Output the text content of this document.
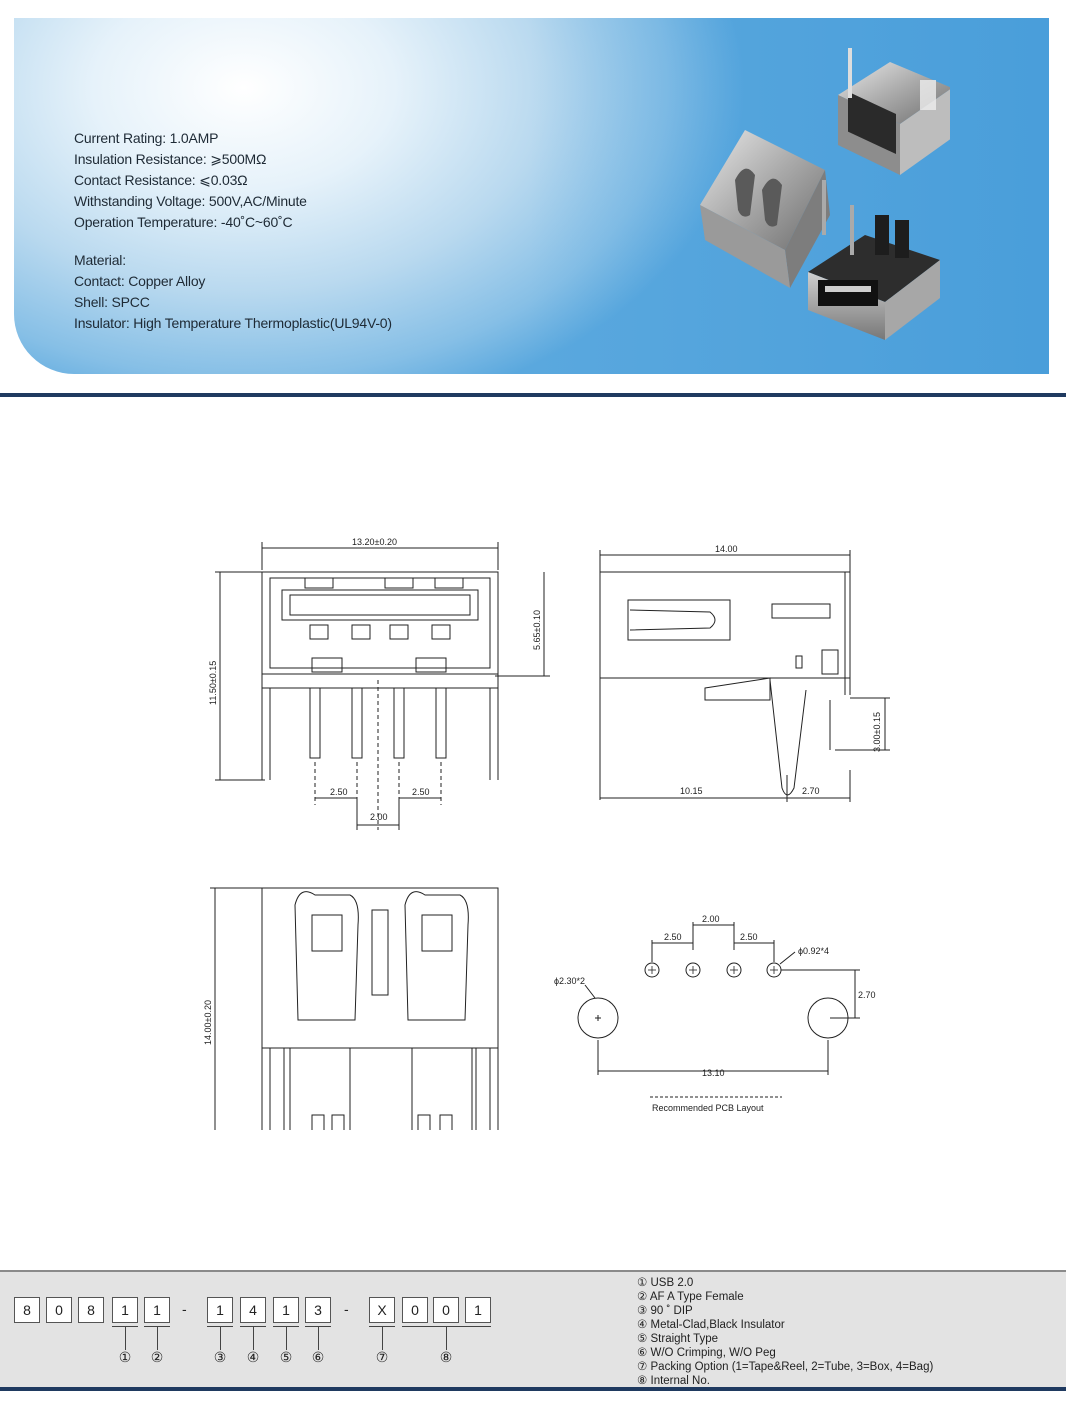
Current Rating: 1.0AMP
Insulation Resistance: ⩾500MΩ
Contact Resistance: ⩽0.03Ω
Withstanding Voltage: 500V,AC/Minute
Operation Temperature: -40˚C~60˚C
Material:
Contact: Copper Alloy
Shell: SPCC
Insulator: High Temperature Thermoplastic(UL94V-0)
13.20±0.20
11.50±0.15
5.65±0.10
2.50	2.50
2.00
14.00
3.00±0.15
10.15	2.70
14.00±0.20
2.00
2.50	2.50
ϕ0.92*4
2.70
ϕ2.30*2
13.10
Recommended PCB Layout
8	0	8	1	1	-	1	4	1	3	-	X	0	0	1
① ②	③ ④ ⑤ ⑥	⑦	⑧
① USB 2.0
② AF A Type Female
③ 90 ˚ DIP
④ Metal-Clad,Black Insulator
⑤ Straight Type
⑥ W/O Crimping, W/O Peg
⑦ Packing Option (1=Tape&Reel, 2=Tube, 3=Box, 4=Bag)
⑧ Internal No.
